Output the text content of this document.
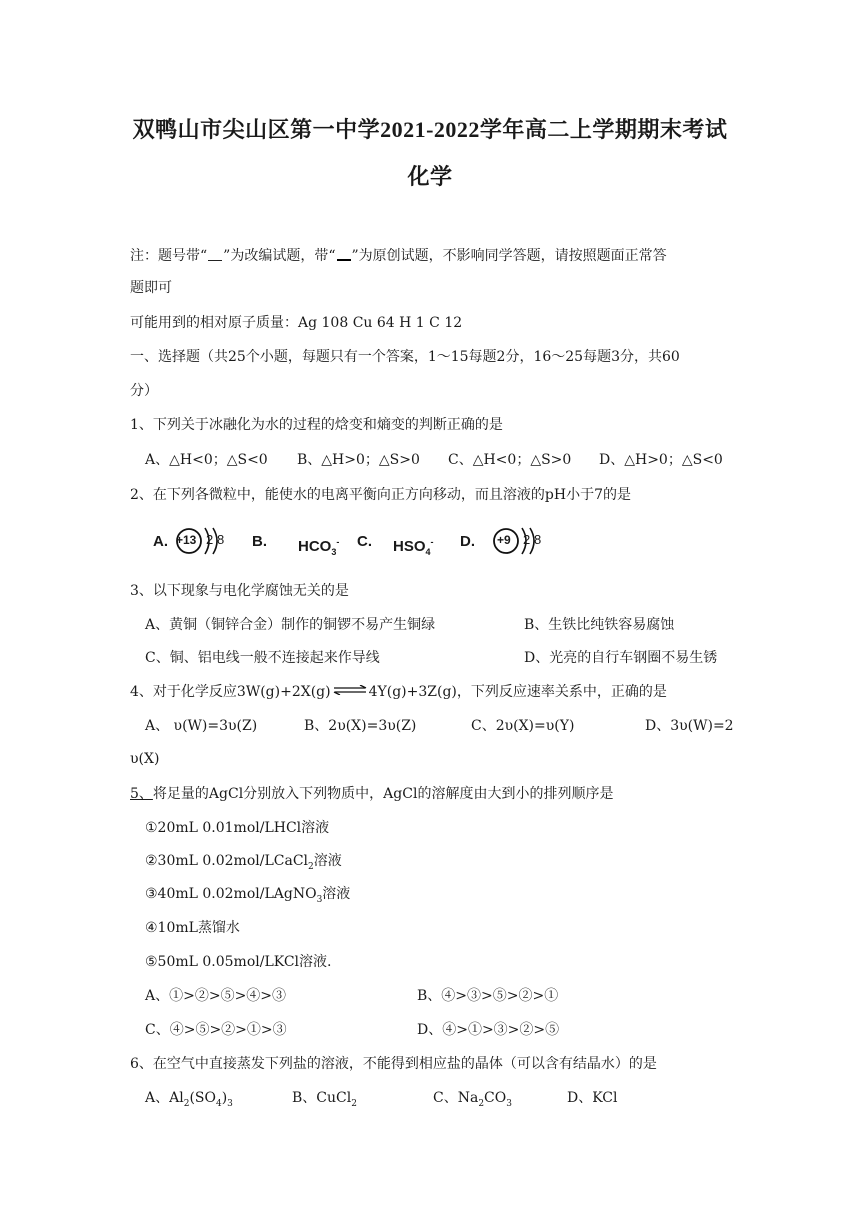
双鸭山市尖山区第一中学2021-2022学年高二上学期期末考试
化学
注：题号带“ ”为改编试题，带“ ”为原创试题，不影响同学答题，请按照题面正常答
题即可
可能用到的相对原子质量：Ag 108 Cu 64 H 1 C 12
一、选择题（共25个小题，每题只有一个答案，1～15每题2分，16～25每题3分，共60
分）
1、下列关于冰融化为水的过程的焓变和熵变的判断正确的是
A、△H<0；△S<0 B、△H>0；△S>0 C、△H<0；△S>0 D、△H>0；△S<0
2、在下列各微粒中，能使水的电离平衡向正方向移动，而且溶液的pH小于7的是
A. +13 2 8 B. $HCO_3^-$ C. $HSO_4^-$ D. +9 2 8
3、以下现象与电化学腐蚀无关的是
A、黄铜（铜锌合金）制作的铜锣不易产生铜绿	B、生铁比纯铁容易腐蚀
C、铜、铝电线一般不连接起来作导线	D、光亮的自行车钢圈不易生锈
4、对于化学反应3W(g)+2X(g)⇌4Y(g)+3Z(g)，下列反应速率关系中，正确的是
A、 υ(W)=3υ(Z)	B、2υ(X)=3υ(Z)	C、2υ(X)=υ(Y)	D、3υ(W)=2
υ(X)
5、将足量的AgCl分别放入下列物质中，AgCl的溶解度由大到小的排列顺序是
①20mL 0.01mol/LHCl溶液
②30mL 0.02mol/LCaCl$_2$溶液
③40mL 0.02mol/LAgNO$_3$溶液
④10mL蒸馏水
⑤50mL 0.05mol/LKCl溶液.
A、①>②>⑤>④>③	B、④>③>⑤>②>①
C、④>⑤>②>①>③	D、④>①>③>②>⑤
6、在空气中直接蒸发下列盐的溶液，不能得到相应盐的晶体（可以含有结晶水）的是
A、$Al_2(SO_4)_3$	B、CuCl$_2$	C、$Na_2CO_3$	D、KCl
